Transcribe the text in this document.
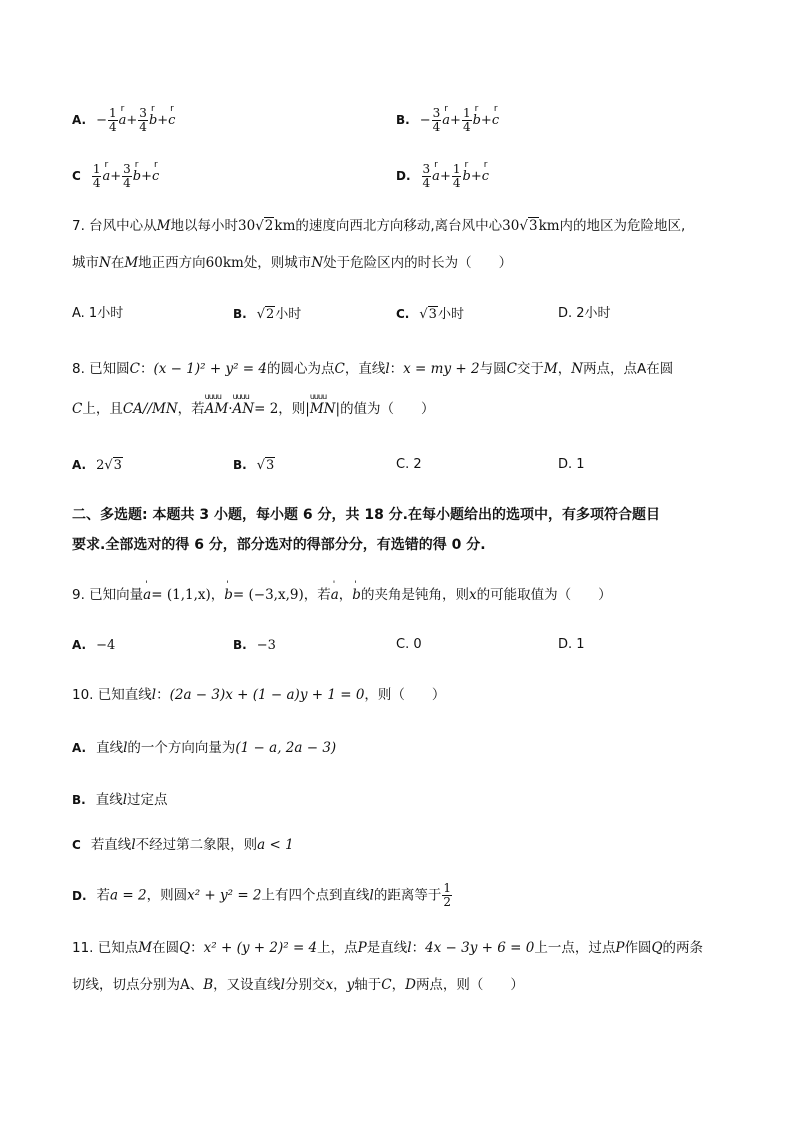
A. − $\frac{1}{4}$ r $a+ \frac{3}{4}$ r b+r c	B. − $\frac{3}{4}$ r $a+ \frac{1}{4}$ r b+r c
C $\frac{1}{4}$ r $a+ \frac{3}{4}$ r b+r c	D. $\frac{3}{4}$ r $a+ \frac{1}{4}$ r b+r c
7. 台风中心从M地以每小时30√2km的速度向西北方向移动,离台风中心30√3km内的地区为危险地区,
城市N在M地正西方向60km处，则城市N处于危险区内的时长为（　　）
A. 1小时	B. √2小时	C. √3小时	D. 2小时
8. 已知圆C：(x − 1)² + y² = 4的圆心为点C，直线l：x = my + 2与圆C交于M，N两点，点A在圆
C上，且CA//MN，若uuuu AM·uuuu AN= 2，则|uuuu MN|的值为（　　）
A. 2√3	B. √3	C. 2	D. 1
二、多选题: 本题共 3 小题，每小题 6 分，共 18 分.在每小题给出的选项中，有多项符合题目
要求.全部选对的得 6 分，部分选对的得部分分，有选错的得 0 分.
9. 已知向量' a= (1,1,x)，' b= (−3,x,9)，若' a，' b的夹角是钝角，则x的可能取值为（　　）
A. −4	B. −3	C. 0	D. 1
10. 已知直线l：(2a − 3)x + (1 − a)y + 1 = 0，则（　　）
A. 直线l的一个方向向量为(1 − a, 2a − 3)
B. 直线l过定点
C 若直线l不经过第二象限，则a < 1
D. 若a = 2，则圆x² + y² = 2上有四个点到直线l的距离等于 $\frac{1}{2}$
11. 已知点M在圆Q：x² + (y + 2)² = 4上，点P是直线l：4x − 3y + 6 = 0上一点，过点P作圆Q的两条
切线，切点分别为A、B，又设直线l分别交x，y轴于C，D两点，则（　　）
